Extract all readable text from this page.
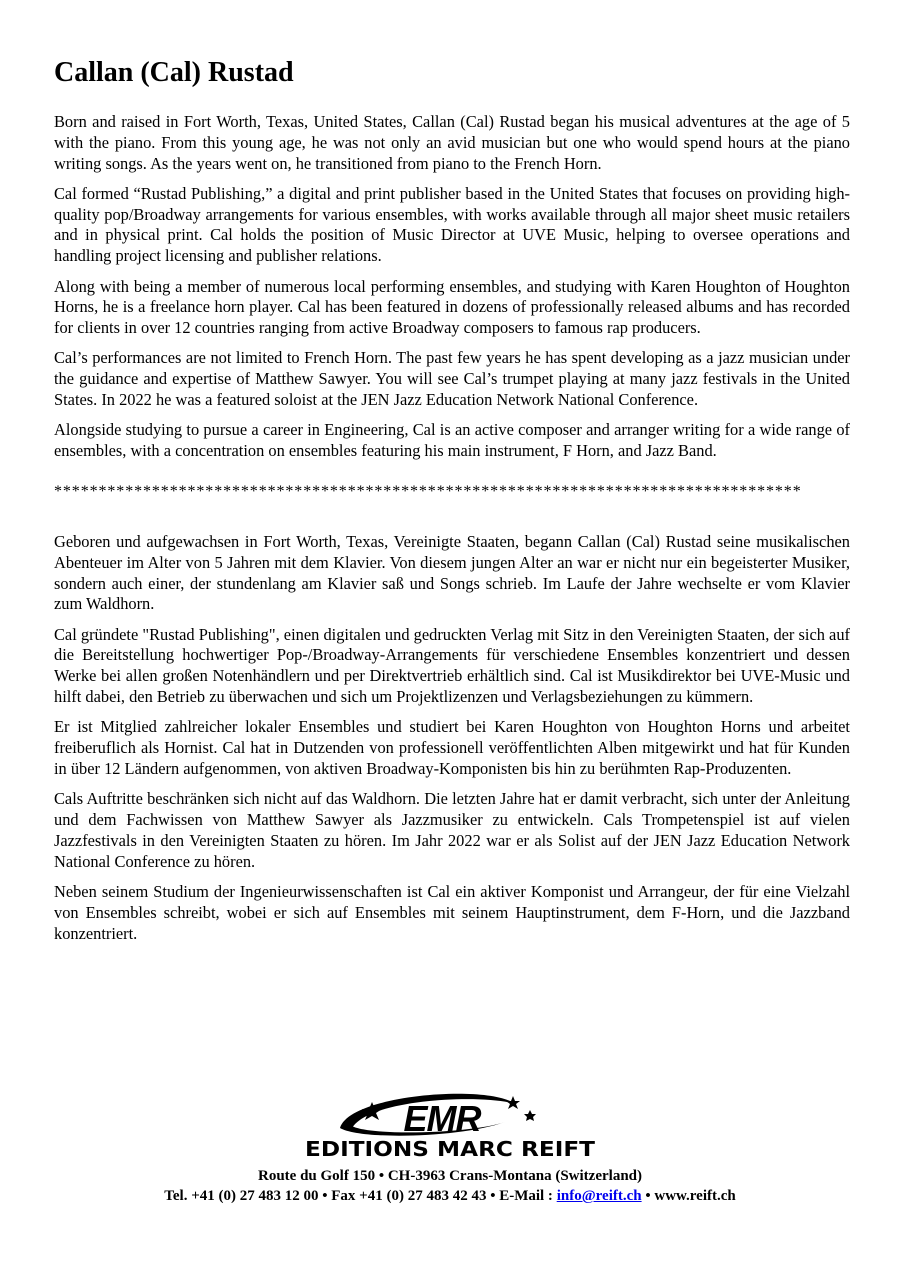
Callan (Cal) Rustad

Born and raised in Fort Worth, Texas, United States, Callan (Cal) Rustad began his musical adventures at the age of 5 with the piano. From this young age, he was not only an avid musician but one who would spend hours at the piano writing songs. As the years went on, he transitioned from piano to the French Horn.

Cal formed “Rustad Publishing,” a digital and print publisher based in the United States that focuses on providing high-quality pop/Broadway arrangements for various ensembles, with works available through all major sheet music retailers and in physical print. Cal holds the position of Music Director at UVE Music, helping to oversee operations and handling project licensing and publisher relations.

Along with being a member of numerous local performing ensembles, and studying with Karen Houghton of Houghton Horns, he is a freelance horn player. Cal has been featured in dozens of professionally released albums and has recorded for clients in over 12 countries ranging from active Broadway composers to famous rap producers.

Cal’s performances are not limited to French Horn. The past few years he has spent developing as a jazz musician under the guidance and expertise of Matthew Sawyer. You will see Cal’s trumpet playing at many jazz festivals in the United States. In 2022 he was a featured soloist at the JEN Jazz Education Network National Conference.

Alongside studying to pursue a career in Engineering, Cal is an active composer and arranger writing for a wide range of ensembles, with a concentration on ensembles featuring his main instrument, F Horn, and Jazz Band.

************************************************************************************

Geboren und aufgewachsen in Fort Worth, Texas, Vereinigte Staaten, begann Callan (Cal) Rustad seine musikalischen Abenteuer im Alter von 5 Jahren mit dem Klavier. Von diesem jungen Alter an war er nicht nur ein begeisterter Musiker, sondern auch einer, der stundenlang am Klavier saß und Songs schrieb. Im Laufe der Jahre wechselte er vom Klavier zum Waldhorn.

Cal gründete "Rustad Publishing", einen digitalen und gedruckten Verlag mit Sitz in den Vereinigten Staaten, der sich auf die Bereitstellung hochwertiger Pop-/Broadway-Arrangements für verschiedene Ensembles konzentriert und dessen Werke bei allen großen Notenhändlern und per Direktvertrieb erhältlich sind. Cal ist Musikdirektor bei UVE-Music und hilft dabei, den Betrieb zu überwachen und sich um Projektlizenzen und Verlagsbeziehungen zu kümmern.

Er ist Mitglied zahlreicher lokaler Ensembles und studiert bei Karen Houghton von Houghton Horns und arbeitet freiberuflich als Hornist. Cal hat in Dutzenden von professionell veröffentlichten Alben mitgewirkt und hat für Kunden in über 12 Ländern aufgenommen, von aktiven Broadway-Komponisten bis hin zu berühmten Rap-Produzenten.

Cals Auftritte beschränken sich nicht auf das Waldhorn. Die letzten Jahre hat er damit verbracht, sich unter der Anleitung und dem Fachwissen von Matthew Sawyer als Jazzmusiker zu entwickeln. Cals Trompetenspiel ist auf vielen Jazzfestivals in den Vereinigten Staaten zu hören. Im Jahr 2022 war er als Solist auf der JEN Jazz Education Network National Conference zu hören.

Neben seinem Studium der Ingenieurwissenschaften ist Cal ein aktiver Komponist und Arrangeur, der für eine Vielzahl von Ensembles schreibt, wobei er sich auf Ensembles mit seinem Hauptinstrument, dem F-Horn, und die Jazzband konzentriert.

EMR
EDITIONS MARC REIFT
Route du Golf 150 • CH-3963 Crans-Montana (Switzerland)
Tel. +41 (0) 27 483 12 00 • Fax +41 (0) 27 483 42 43 • E-Mail : info@reift.ch • www.reift.ch
